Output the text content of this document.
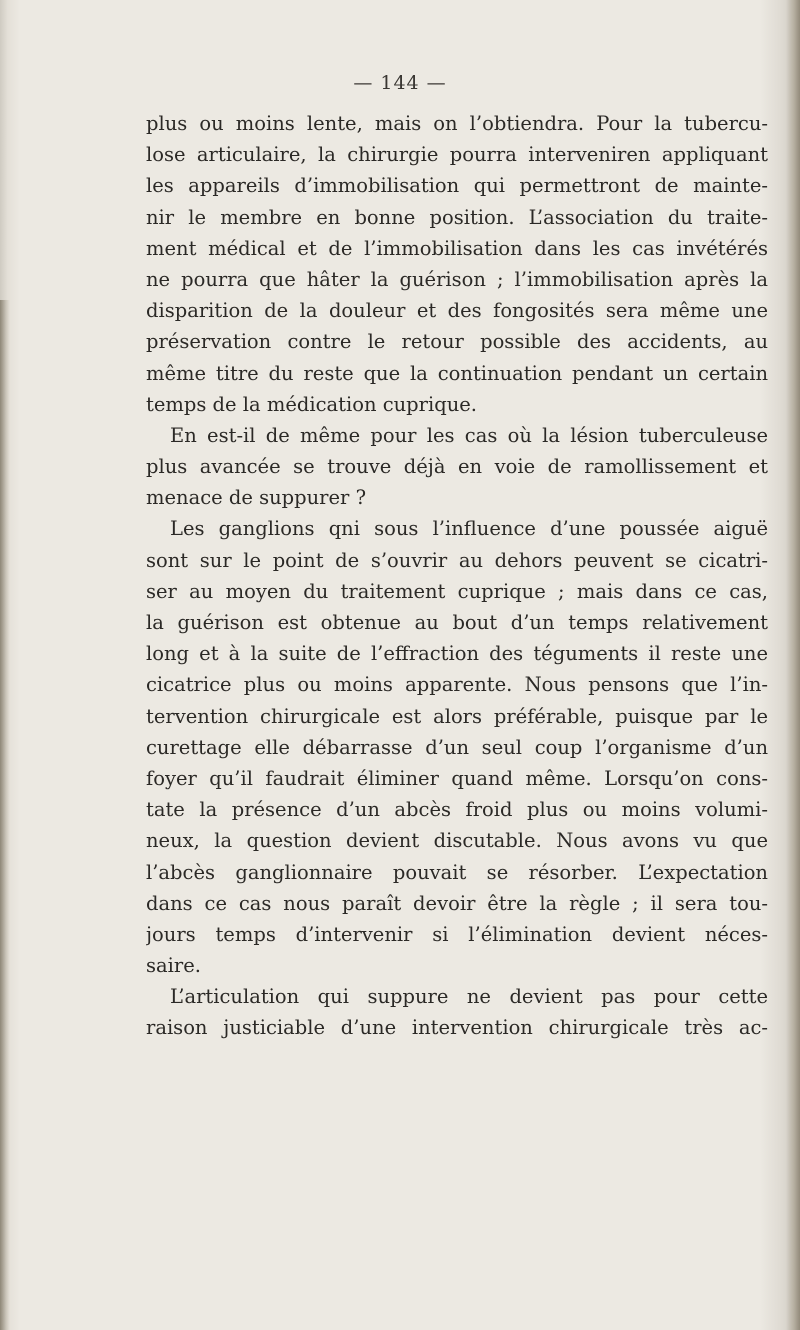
— 144 —
plus ou moins lente, mais on l’obtiendra. Pour la tubercu-
lose articulaire, la chirurgie pourra interveniren appliquant
les appareils d’immobilisation qui permettront de mainte-
nir le membre en bonne position. L’association du traite-
ment médical et de l’immobilisation dans les cas invétérés
ne pourra que hâter la guérison ; l’immobilisation après la
disparition de la douleur et des fongosités sera même une
préservation contre le retour possible des accidents, au
même titre du reste que la continuation pendant un certain
temps de la médication cuprique.
En est-il de même pour les cas où la lésion tuberculeuse
plus avancée se trouve déjà en voie de ramollissement et
menace de suppurer ?
Les ganglions qni sous l’influence d’une poussée aiguë
sont sur le point de s’ouvrir au dehors peuvent se cicatri-
ser au moyen du traitement cuprique ; mais dans ce cas,
la guérison est obtenue au bout d’un temps relativement
long et à la suite de l’effraction des téguments il reste une
cicatrice plus ou moins apparente. Nous pensons que l’in-
tervention chirurgicale est alors préférable, puisque par le
curettage elle débarrasse d’un seul coup l’organisme d’un
foyer qu’il faudrait éliminer quand même. Lorsqu’on cons-
tate la présence d’un abcès froid plus ou moins volumi-
neux, la question devient discutable. Nous avons vu que
l’abcès ganglionnaire pouvait se résorber. L’expectation
dans ce cas nous paraît devoir être la règle ; il sera tou-
jours temps d’intervenir si l’élimination devient néces-
saire.
L’articulation qui suppure ne devient pas pour cette
raison justiciable d’une intervention chirurgicale très ac-
